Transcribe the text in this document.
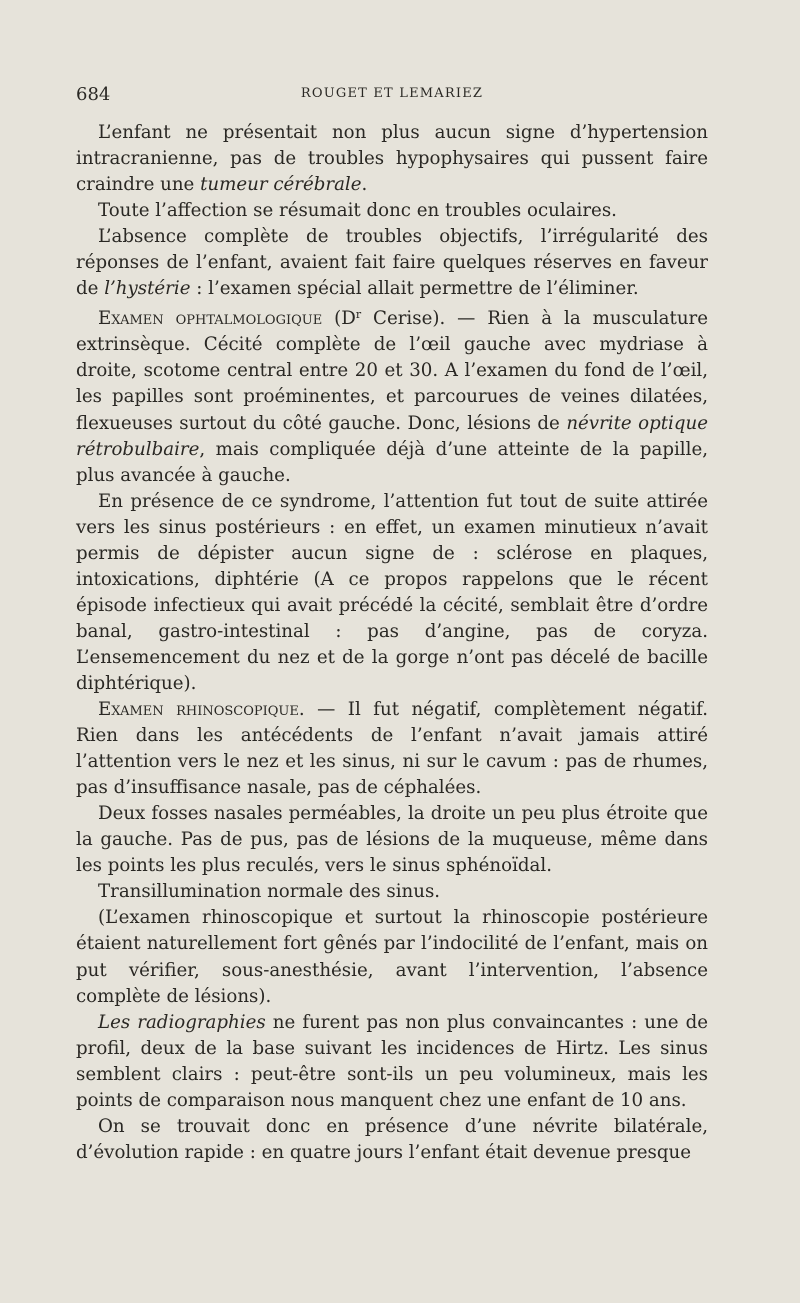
684	ROUGET ET LEMARIEZ

L’enfant ne présentait non plus aucun signe d’hypertension intracranienne, pas de troubles hypophysaires qui pussent faire craindre une tumeur cérébrale.

Toute l’affection se résumait donc en troubles oculaires.

L’absence complète de troubles objectifs, l’irrégularité des réponses de l’enfant, avaient fait faire quelques réserves en faveur de l’hystérie : l’examen spécial allait permettre de l’éliminer.

Examen ophtalmologique ($D^r$ Cerise). — Rien à la musculature extrinsèque. Cécité complète de l’œil gauche avec mydriase à droite, scotome central entre 20 et 30. A l’examen du fond de l’œil, les papilles sont proéminentes, et parcourues de veines dilatées, flexueuses surtout du côté gauche. Donc, lésions de névrite optique rétrobulbaire, mais compliquée déjà d’une atteinte de la papille, plus avancée à gauche.

En présence de ce syndrome, l’attention fut tout de suite attirée vers les sinus postérieurs : en effet, un examen minutieux n’avait permis de dépister aucun signe de : sclérose en plaques, intoxications, diphtérie (A ce propos rappelons que le récent épisode infectieux qui avait précédé la cécité, semblait être d’ordre banal, gastro-intestinal : pas d’angine, pas de coryza. L’ensemencement du nez et de la gorge n’ont pas décelé de bacille diphtérique).

Examen rhinoscopique. — Il fut négatif, complètement négatif. Rien dans les antécédents de l’enfant n’avait jamais attiré l’attention vers le nez et les sinus, ni sur le cavum : pas de rhumes, pas d’insuffisance nasale, pas de céphalées.

Deux fosses nasales perméables, la droite un peu plus étroite que la gauche. Pas de pus, pas de lésions de la muqueuse, même dans les points les plus reculés, vers le sinus sphénoïdal.

Transillumination normale des sinus.

(L’examen rhinoscopique et surtout la rhinoscopie postérieure étaient naturellement fort gênés par l’indocilité de l’enfant, mais on put vérifier, sous-anesthésie, avant l’intervention, l’absence complète de lésions).

Les radiographies ne furent pas non plus convaincantes : une de profil, deux de la base suivant les incidences de Hirtz. Les sinus semblent clairs : peut-être sont-ils un peu volumineux, mais les points de comparaison nous manquent chez une enfant de 10 ans.

On se trouvait donc en présence d’une névrite bilatérale, d’évolution rapide : en quatre jours l’enfant était devenue presque
